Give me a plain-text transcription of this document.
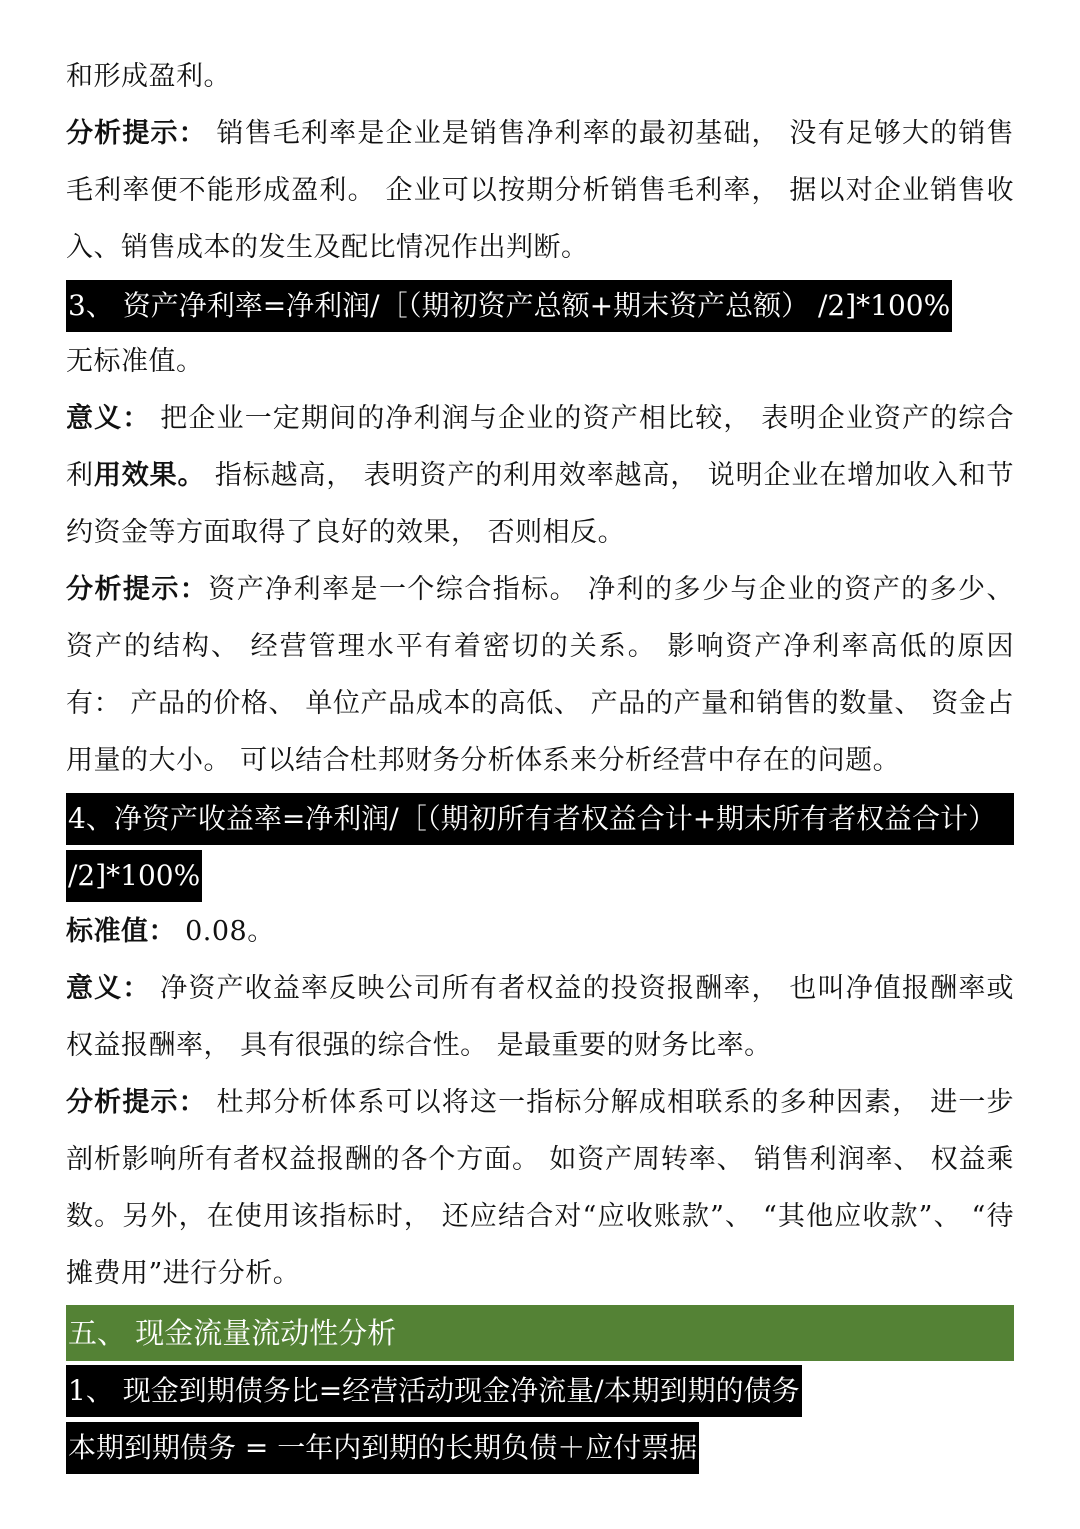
和形成盈利。

分析提示： 销售毛利率是企业是销售净利率的最初基础， 没有足够大的销售毛利率便不能形成盈利。 企业可以按期分析销售毛利率， 据以对企业销售收入、销售成本的发生及配比情况作出判断。

3、 资产净利率=净利润/［（期初资产总额+期末资产总额） /2]*100%

无标准值。

意义： 把企业一定期间的净利润与企业的资产相比较， 表明企业资产的综合利用效果。 指标越高， 表明资产的利用效率越高， 说明企业在增加收入和节约资金等方面取得了良好的效果， 否则相反。

分析提示：资产净利率是一个综合指标。 净利的多少与企业的资产的多少、 资产的结构、 经营管理水平有着密切的关系。 影响资产净利率高低的原因有： 产品的价格、 单位产品成本的高低、 产品的产量和销售的数量、 资金占用量的大小。 可以结合杜邦财务分析体系来分析经营中存在的问题。

4、净资产收益率=净利润/［（期初所有者权益合计+期末所有者权益合计）
/2]*100%

标准值： 0.08。

意义： 净资产收益率反映公司所有者权益的投资报酬率， 也叫净值报酬率或权益报酬率， 具有很强的综合性。 是最重要的财务比率。

分析提示： 杜邦分析体系可以将这一指标分解成相联系的多种因素， 进一步剖析影响所有者权益报酬的各个方面。 如资产周转率、 销售利润率、 权益乘数。另外，在使用该指标时， 还应结合对“应收账款”、 “其他应收款”、 “待摊费用”进行分析。

五、 现金流量流动性分析
1、 现金到期债务比=经营活动现金净流量/本期到期的债务
本期到期债务 = 一年内到期的长期负债＋应付票据
